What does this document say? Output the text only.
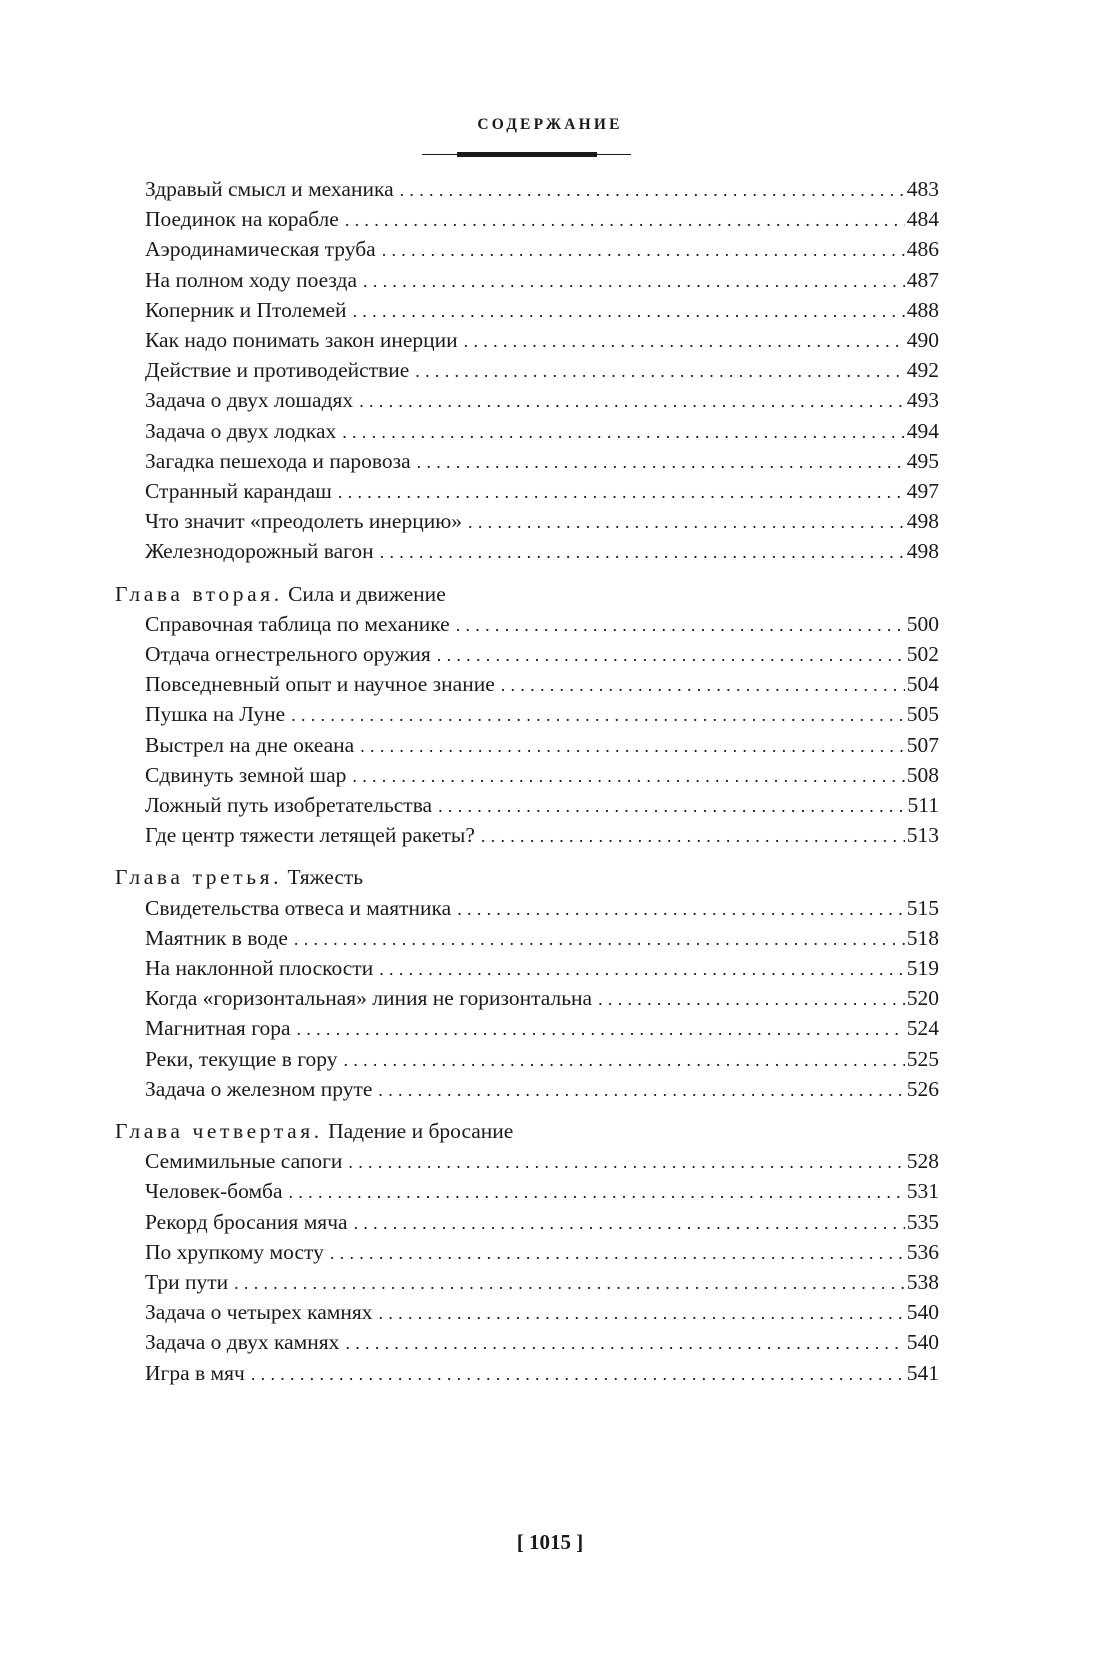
СОДЕРЖАНИЕ
Здравый смысл и механика . . .	483
Поединок на корабле . . .	484
Аэродинамическая труба . . .	486
На полном ходу поезда . . .	487
Коперник и Птолемей . . .	488
Как надо понимать закон инерции . . .	490
Действие и противодействие . . .	492
Задача о двух лошадях . . .	493
Задача о двух лодках . . .	494
Загадка пешехода и паровоза . . .	495
Странный карандаш . . .	497
Что значит «преодолеть инерцию» . . .	498
Железнодорожный вагон . . .	498
Глава вторая. Сила и движение
Справочная таблица по механике . . .	500
Отдача огнестрельного оружия . . .	502
Повседневный опыт и научное знание . . .	504
Пушка на Луне . . .	505
Выстрел на дне океана . . .	507
Сдвинуть земной шар . . .	508
Ложный путь изобретательства . . .	511
Где центр тяжести летящей ракеты? . . .	513
Глава третья. Тяжесть
Свидетельства отвеса и маятника . . .	515
Маятник в воде . . .	518
На наклонной плоскости . . .	519
Когда «горизонтальная» линия не горизонтальна . . .	520
Магнитная гора . . .	524
Реки, текущие в гору . . .	525
Задача о железном пруте . . .	526
Глава четвертая. Падение и бросание
Семимильные сапоги . . .	528
Человек-бомба . . .	531
Рекорд бросания мяча . . .	535
По хрупкому мосту . . .	536
Три пути . . .	538
Задача о четырех камнях . . .	540
Задача о двух камнях . . .	540
Игра в мяч . . .	541
[ 1015 ]
